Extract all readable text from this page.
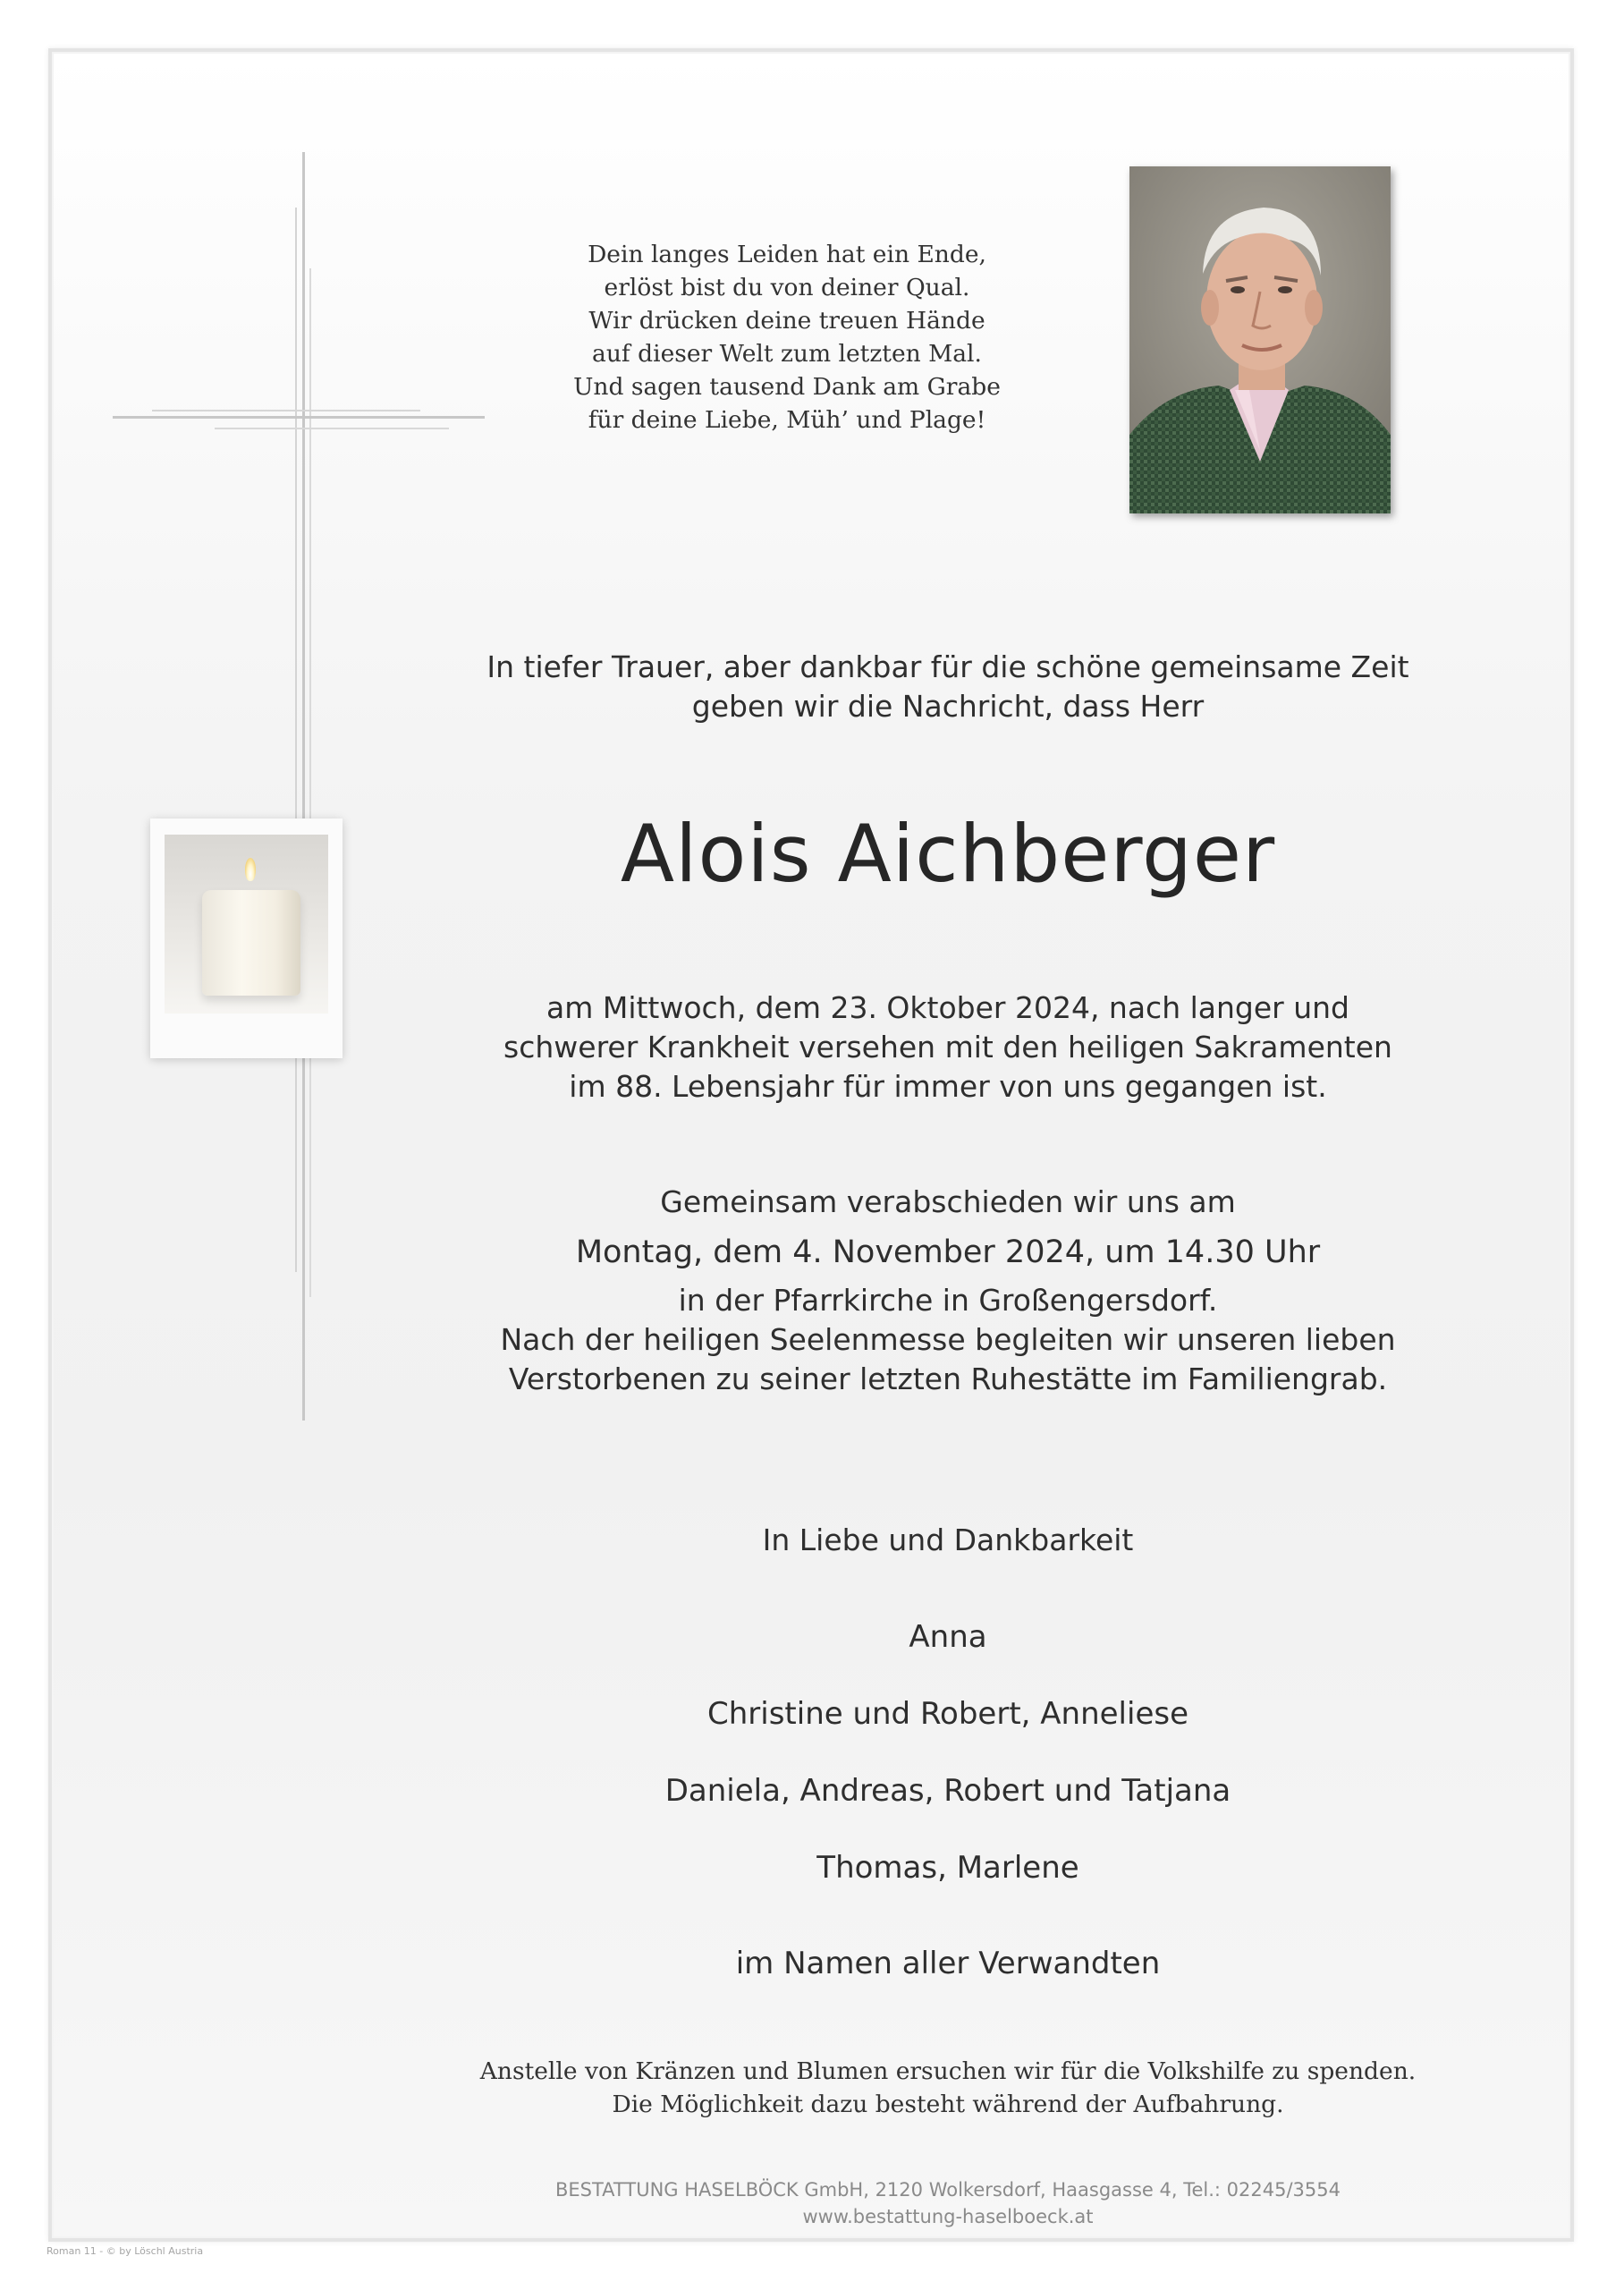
Dein langes Leiden hat ein Ende,
erlöst bist du von deiner Qual.
Wir drücken deine treuen Hände
auf dieser Welt zum letzten Mal.
Und sagen tausend Dank am Grabe
für deine Liebe, Müh’ und Plage!
In tiefer Trauer, aber dankbar für die schöne gemeinsame Zeit
geben wir die Nachricht, dass Herr
Alois Aichberger
am Mittwoch, dem 23. Oktober 2024, nach langer und
schwerer Krankheit versehen mit den heiligen Sakramenten
im 88. Lebensjahr für immer von uns gegangen ist.
Gemeinsam verabschieden wir uns am
Montag, dem 4. November 2024, um 14.30 Uhr
in der Pfarrkirche in Großengersdorf.
Nach der heiligen Seelenmesse begleiten wir unseren lieben
Verstorbenen zu seiner letzten Ruhestätte im Familiengrab.
In Liebe und Dankbarkeit
Anna
Christine und Robert, Anneliese
Daniela, Andreas, Robert und Tatjana
Thomas, Marlene
im Namen aller Verwandten
Anstelle von Kränzen und Blumen ersuchen wir für die Volkshilfe zu spenden.
Die Möglichkeit dazu besteht während der Aufbahrung.
BESTATTUNG HASELBÖCK GmbH, 2120 Wolkersdorf, Haasgasse 4, Tel.: 02245/3554
www.bestattung-haselboeck.at
Roman 11 - © by Löschl Austria
